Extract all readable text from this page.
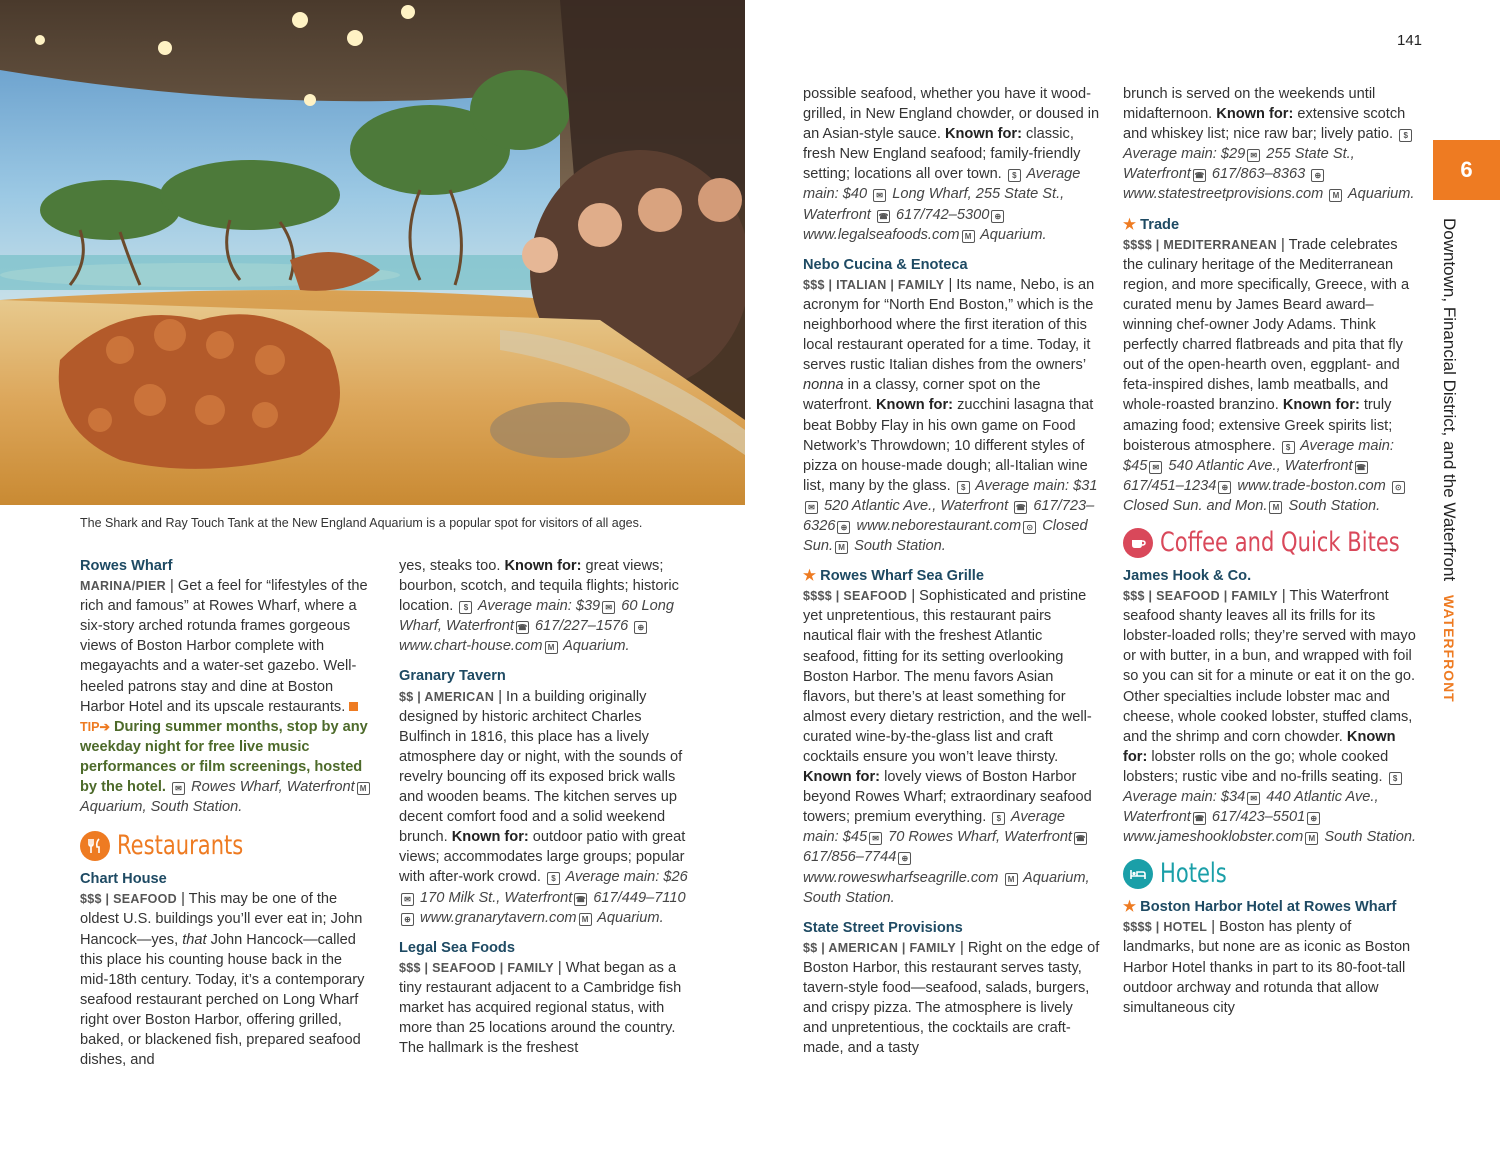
The Shark and Ray Touch Tank at the New England Aquarium is a popular spot for visitors of all ages.
141
6
Downtown, Financial District, and the WaterfrontWATERFRONT

Rowes Wharf

MARINA/PIER | Get a feel for “lifestyles of the rich and famous” at Rowes Wharf, where a six-story arched rotunda frames gorgeous views of Boston Harbor complete with megayachts and a water-set gazebo. Well-heeled patrons stay and dine at Boston Harbor Hotel and its upscale restaurants. TIP➔ During summer months, stop by any weekday night for free live music performances or film screenings, hosted by the hotel. ✉ Rowes Wharf, Waterfront M Aquarium, South Station.

Restaurants

Chart House

$$$ | SEAFOOD | This may be one of the oldest U.S. buildings you’ll ever eat in; John Hancock—yes, that John Hancock—called this place his counting house back in the mid-18th century. Today, it’s a contemporary seafood restaurant perched on Long Wharf right over Boston Harbor, offering grilled, baked, or blackened fish, prepared seafood dishes, and

yes, steaks too. Known for: great views; bourbon, scotch, and tequila flights; historic location. $ Average main: $39 ✉ 60 Long Wharf, Waterfront ☎ 617/227–1576 ⊕ www.chart-house.com M Aquarium.

Granary Tavern

$$ | AMERICAN | In a building originally designed by historic architect Charles Bulfinch in 1816, this place has a lively atmosphere day or night, with the sounds of revelry bouncing off its exposed brick walls and wooden beams. The kitchen serves up decent comfort food and a solid weekend brunch. Known for: outdoor patio with great views; accommodates large groups; popular with after-work crowd. $ Average main: $26✉ 170 Milk St., Waterfront ☎ 617/449–7110 ⊕ www.granarytavern.com M Aquarium.

Legal Sea Foods

$$$ | SEAFOOD | FAMILY | What began as a tiny restaurant adjacent to a Cambridge fish market has acquired regional status, with more than 25 locations around the country. The hallmark is the freshest

possible seafood, whether you have it wood-grilled, in New England chowder, or doused in an Asian-style sauce. Known for: classic, fresh New England seafood; family-friendly setting; locations all over town. $ Average main: $40 ✉ Long Wharf, 255 State St., Waterfront ☎ 617/742–5300 ⊕ www.legalseafoods.com M Aquarium.

Nebo Cucina & Enoteca

$$$ | ITALIAN | FAMILY | Its name, Nebo, is an acronym for “North End Boston,” which is the neighborhood where the first iteration of this local restaurant operated for a time. Today, it serves rustic Italian dishes from the owners’ nonna in a classy, corner spot on the waterfront. Known for: zucchini lasagna that beat Bobby Flay in his own game on Food Network’s Throwdown; 10 different styles of pizza on house-made dough; all-Italian wine list, many by the glass. $ Average main: $31✉ 520 Atlantic Ave., Waterfront ☎ 617/723–6326 ⊕ www.neborestaurant.com ⊙ Closed Sun. M South Station.

★ Rowes Wharf Sea Grille

$$$$ | SEAFOOD | Sophisticated and pristine yet unpretentious, this restaurant pairs nautical flair with the freshest Atlantic seafood, fitting for its setting overlooking Boston Harbor. The menu favors Asian flavors, but there’s at least something for almost every dietary restriction, and the well-curated wine-by-the-glass list and craft cocktails ensure you won’t leave thirsty. Known for: lovely views of Boston Harbor beyond Rowes Wharf; extraordinary seafood towers; premium everything. $ Average main: $45 ✉ 70 Rowes Wharf, Waterfront ☎ 617/856–7744 ⊕ www.roweswharfseagrille.com M Aquarium, South Station.

State Street Provisions

$$ | AMERICAN | FAMILY | Right on the edge of Boston Harbor, this restaurant serves tasty, tavern-style food—seafood, salads, burgers, and crispy pizza. The atmosphere is lively and unpretentious, the cocktails are craft-made, and a tasty

brunch is served on the weekends until midafternoon. Known for: extensive scotch and whiskey list; nice raw bar; lively patio. $ Average main: $29 ✉ 255 State St., Waterfront ☎ 617/863–8363 ⊕ www.statestreetprovisions.com M Aquarium.

★ Trade

$$$$ | MEDITERRANEAN | Trade celebrates the culinary heritage of the Mediterranean region, and more specifically, Greece, with a curated menu by James Beard award–winning chef-owner Jody Adams. Think perfectly charred flatbreads and pita that fly out of the open-hearth oven, eggplant- and feta-inspired dishes, lamb meatballs, and whole-roasted branzino. Known for: truly amazing food; extensive Greek spirits list; boisterous atmosphere. $ Average main: $45 ✉ 540 Atlantic Ave., Waterfront ☎ 617/451–1234 ⊕ www.trade-boston.com ⊙ Closed Sun. and Mon. M South Station.

Coffee and Quick Bites

James Hook & Co.

$$$ | SEAFOOD | FAMILY | This Waterfront seafood shanty leaves all its frills for its lobster-loaded rolls; they’re served with mayo or with butter, in a bun, and wrapped with foil so you can sit for a minute or eat it on the go. Other specialties include lobster mac and cheese, whole cooked lobster, stuffed clams, and the shrimp and corn chowder. Known for: lobster rolls on the go; whole cooked lobsters; rustic vibe and no-frills seating. $ Average main: $34 ✉ 440 Atlantic Ave., Waterfront ☎ 617/423–5501 ⊕ www.jameshooklobster.com M South Station.

Hotels

★ Boston Harbor Hotel at Rowes Wharf

$$$$ | HOTEL | Boston has plenty of landmarks, but none are as iconic as Boston Harbor Hotel thanks in part to its 80-foot-tall outdoor archway and rotunda that allow simultaneous city
